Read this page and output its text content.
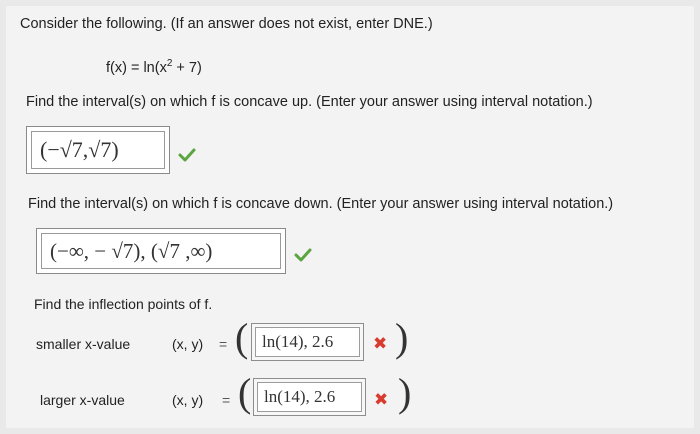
Consider the following. (If an answer does not exist, enter DNE.)
$f(x) = \ln(x^2 + 7)$
Find the interval(s) on which f is concave up. (Enter your answer using interval notation.)
(−√7,√7)
Find the interval(s) on which f is concave down. (Enter your answer using interval notation.)
(−∞, − √7), (√7 ,∞)
Find the inflection points of f.
smaller x-value	(x, y) = ( ln(14), 2.6	✖ )
larger x-value	(x, y) = ( ln(14), 2.6	✖ )
